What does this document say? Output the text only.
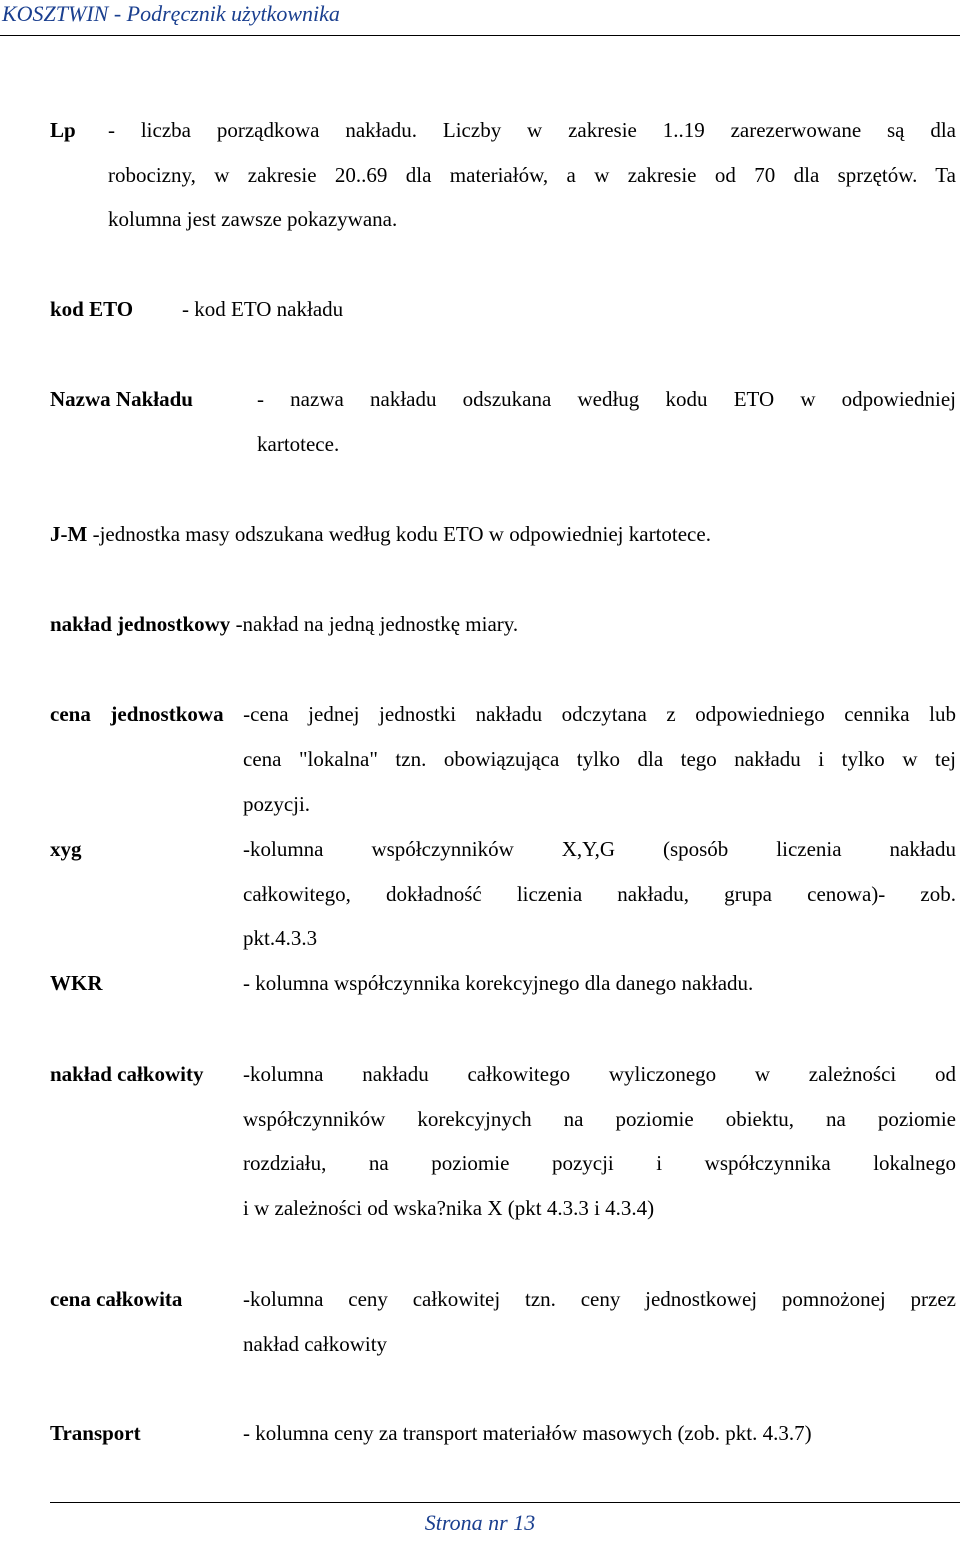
KOSZTWIN - Podręcznik użytkownika
Lp - liczba porządkowa nakładu. Liczby w zakresie 1..19 zarezerwowane są dla
robocizny, w zakresie 20..69 dla materiałów, a w zakresie od 70 dla sprzętów. Ta
kolumna jest zawsze pokazywana.
kod ETO - kod ETO nakładu
Nazwa Nakładu	- nazwa nakładu odszukana według kodu ETO w odpowiedniej
kartotece.
J-M -jednostka masy odszukana według kodu ETO w odpowiedniej kartotece.
nakład jednostkowy -nakład na jedną jednostkę miary.
cena jednostkowa -cena jednej jednostki nakładu odczytana z odpowiedniego cennika lub
cena "lokalna" tzn. obowiązująca tylko dla tego nakładu i tylko w tej
pozycji.
xyg	-kolumna współczynników X,Y,G (sposób liczenia nakładu
całkowitego, dokładność liczenia nakładu, grupa cenowa)- zob.
pkt.4.3.3
WKR	- kolumna współczynnika korekcyjnego dla danego nakładu.
nakład całkowity -kolumna nakładu całkowitego wyliczonego w zależności od
współczynników korekcyjnych na poziomie obiektu, na poziomie
rozdziału, na poziomie pozycji i współczynnika lokalnego
i w zależności od wska?nika X (pkt 4.3.3 i 4.3.4)
cena całkowita	-kolumna ceny całkowitej tzn. ceny jednostkowej pomnożonej przez
nakład całkowity
Transport	- kolumna ceny za transport materiałów masowych (zob. pkt. 4.3.7)
Strona nr 13
